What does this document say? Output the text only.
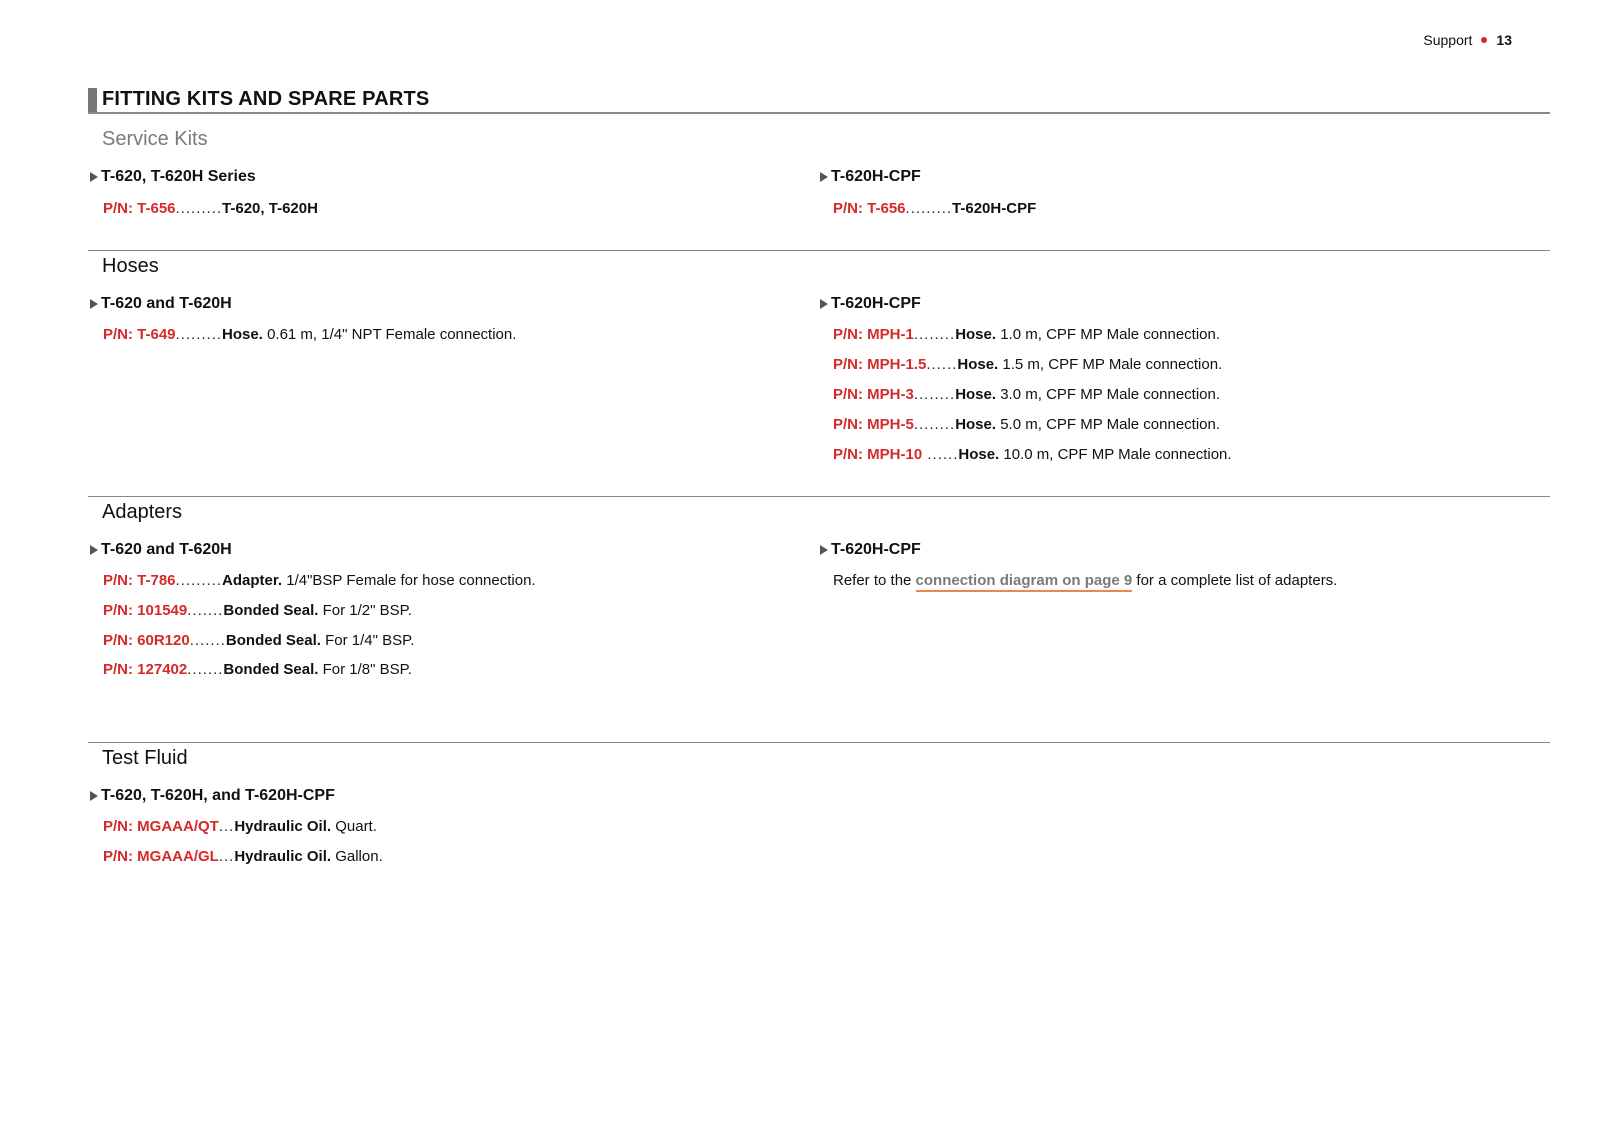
Support 13
FITTING KITS AND SPARE PARTS
Service Kits
T-620, T-620H Series
P/N: T-656.........T-620, T-620H
T-620H-CPF
P/N: T-656.........T-620H-CPF
Hoses
T-620 and T-620H
P/N: T-649.........Hose. 0.61 m, 1/4" NPT Female connection.
T-620H-CPF
P/N: MPH-1........Hose. 1.0 m, CPF MP Male connection.
P/N: MPH-1.5......Hose. 1.5 m, CPF MP Male connection.
P/N: MPH-3........Hose. 3.0 m, CPF MP Male connection.
P/N: MPH-5........Hose. 5.0 m, CPF MP Male connection.
P/N: MPH-10 ......Hose. 10.0 m, CPF MP Male connection.
Adapters
T-620 and T-620H
P/N: T-786.........Adapter. 1/4"BSP Female for hose connection.
P/N: 101549.......Bonded Seal. For 1/2" BSP.
P/N: 60R120.......Bonded Seal. For 1/4" BSP.
P/N: 127402.......Bonded Seal. For 1/8" BSP.
T-620H-CPF
Refer to the connection diagram on page 9 for a complete list of adapters.
Test Fluid
T-620, T-620H, and T-620H-CPF
P/N: MGAAA/QT...Hydraulic Oil. Quart.
P/N: MGAAA/GL...Hydraulic Oil. Gallon.
